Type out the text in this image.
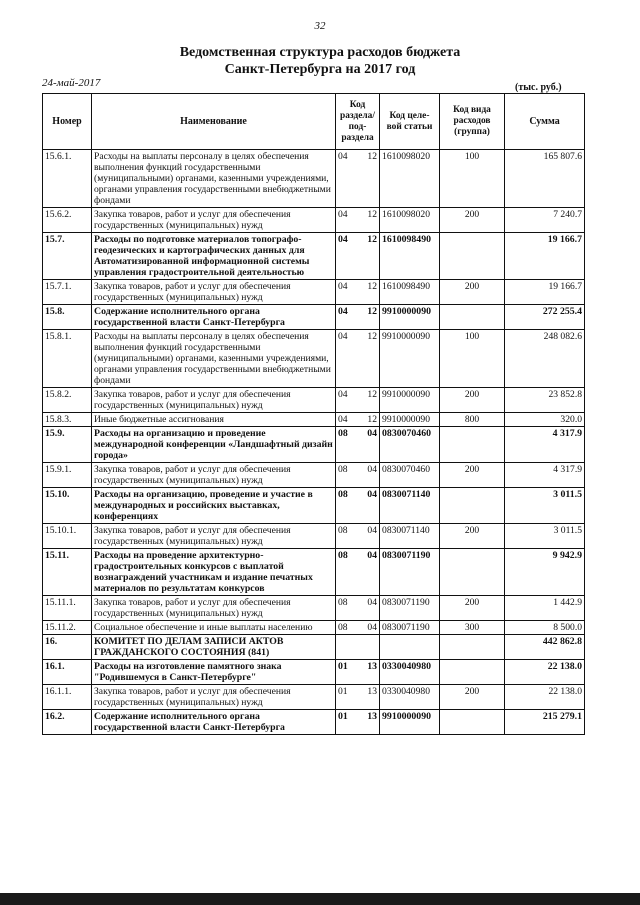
32
Ведомственная структура расходов бюджета
Санкт-Петербурга на 2017 год
24-май-2017	(тыс. руб.)
Номер	Наименование	Код раздела/ под- раздела		Код целе- вой статьи	Код вида расходов (группа)	Сумма
15.6.1.	Расходы на выплаты персоналу в целях обеспечения выполнения функций государственными (муниципальными) органами, казенными учреждениями, органами управления государственными внебюджетными фондами	04	12	1610098020	100	165 807.6
15.6.2.	Закупка товаров, работ и услуг для обеспечения государственных (муниципальных) нужд	04	12	1610098020	200	7 240.7
15.7.	Расходы по подготовке материалов топографо-геодезических и картографических данных для Автоматизированной информационной системы управления градостроительной деятельностью	04	12	1610098490		19 166.7
15.7.1.	Закупка товаров, работ и услуг для обеспечения государственных (муниципальных) нужд	04	12	1610098490	200	19 166.7
15.8.	Содержание исполнительного органа государственной власти Санкт-Петербурга	04	12	9910000090		272 255.4
15.8.1.	Расходы на выплаты персоналу в целях обеспечения выполнения функций государственными (муниципальными) органами, казенными учреждениями, органами управления государственными внебюджетными фондами	04	12	9910000090	100	248 082.6
15.8.2.	Закупка товаров, работ и услуг для обеспечения государственных (муниципальных) нужд	04	12	9910000090	200	23 852.8
15.8.3.	Иные бюджетные ассигнования	04	12	9910000090	800	320.0
15.9.	Расходы на организацию и проведение международной конференции «Ландшафтный дизайн города»	08	04	0830070460		4 317.9
15.9.1.	Закупка товаров, работ и услуг для обеспечения государственных (муниципальных) нужд	08	04	0830070460	200	4 317.9
15.10.	Расходы на организацию, проведение и участие в международных и российских выставках, конференциях	08	04	0830071140		3 011.5
15.10.1.	Закупка товаров, работ и услуг для обеспечения государственных (муниципальных) нужд	08	04	0830071140	200	3 011.5
15.11.	Расходы на проведение архитектурно-градостроительных конкурсов с выплатой вознаграждений участникам и издание печатных материалов по результатам конкурсов	08	04	0830071190		9 942.9
15.11.1.	Закупка товаров, работ и услуг для обеспечения государственных (муниципальных) нужд	08	04	0830071190	200	1 442.9
15.11.2.	Социальное обеспечение и иные выплаты населению	08	04	0830071190	300	8 500.0
16.	КОМИТЕТ ПО ДЕЛАМ ЗАПИСИ АКТОВ ГРАЖДАНСКОГО СОСТОЯНИЯ (841)					442 862.8
16.1.	Расходы на изготовление памятного знака "Родившемуся в Санкт-Петербурге"	01	13	0330040980		22 138.0
16.1.1.	Закупка товаров, работ и услуг для обеспечения государственных (муниципальных) нужд	01	13	0330040980	200	22 138.0
16.2.	Содержание исполнительного органа государственной власти Санкт-Петербурга	01	13	9910000090		215 279.1
